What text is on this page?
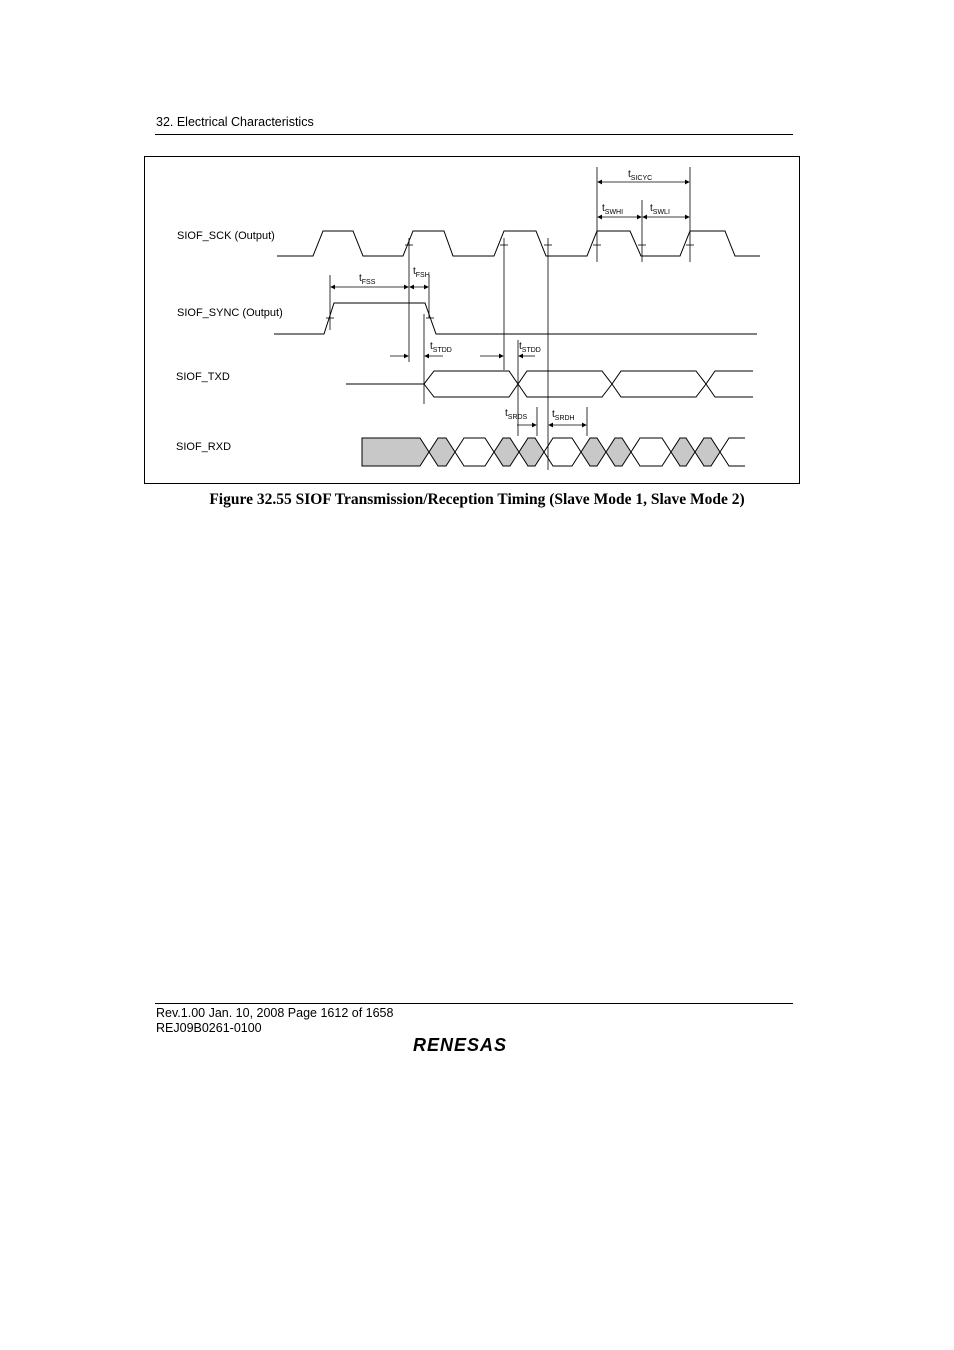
32. Electrical Characteristics
SIOF_SCK (Output)
SIOF_SYNC (Output)
SIOF_TXD
SIOF_RXD
$t_{SICYC}$
$t_{SWHI}$	$t_{SWLI}$
$t_{FSS}$
$t_{FSH}$
$t_{STDD}$	$t_{STDD}$
$t_{SRDS}$ $t_{SRDH}$
Figure 32.55 SIOF Transmission/Reception Timing (Slave Mode 1, Slave Mode 2)
Rev.1.00 Jan. 10, 2008 Page 1612 of 1658
REJ09B0261-0100
RENESAS
